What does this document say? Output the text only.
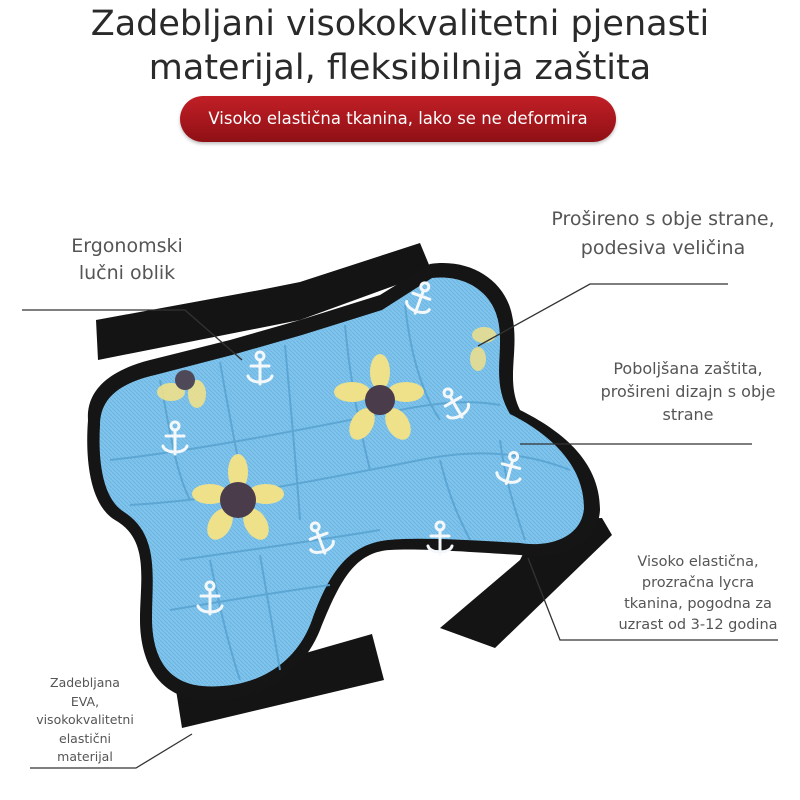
Zadebljani visokokvalitetni pjenasti
materijal, fleksibilnija zaštita
Visoko elastična tkanina, lako se ne deformira
Ergonomski
lučni oblik
Prošireno s obje strane,
podesiva veličina
Poboljšana zaštita,
prošireni dizajn s obje
strane
Visoko elastična,
prozračna lycra
tkanina, pogodna za
uzrast od 3-12 godina
Zadebljana
EVA,
visokokvalitetni
elastični
materijal
